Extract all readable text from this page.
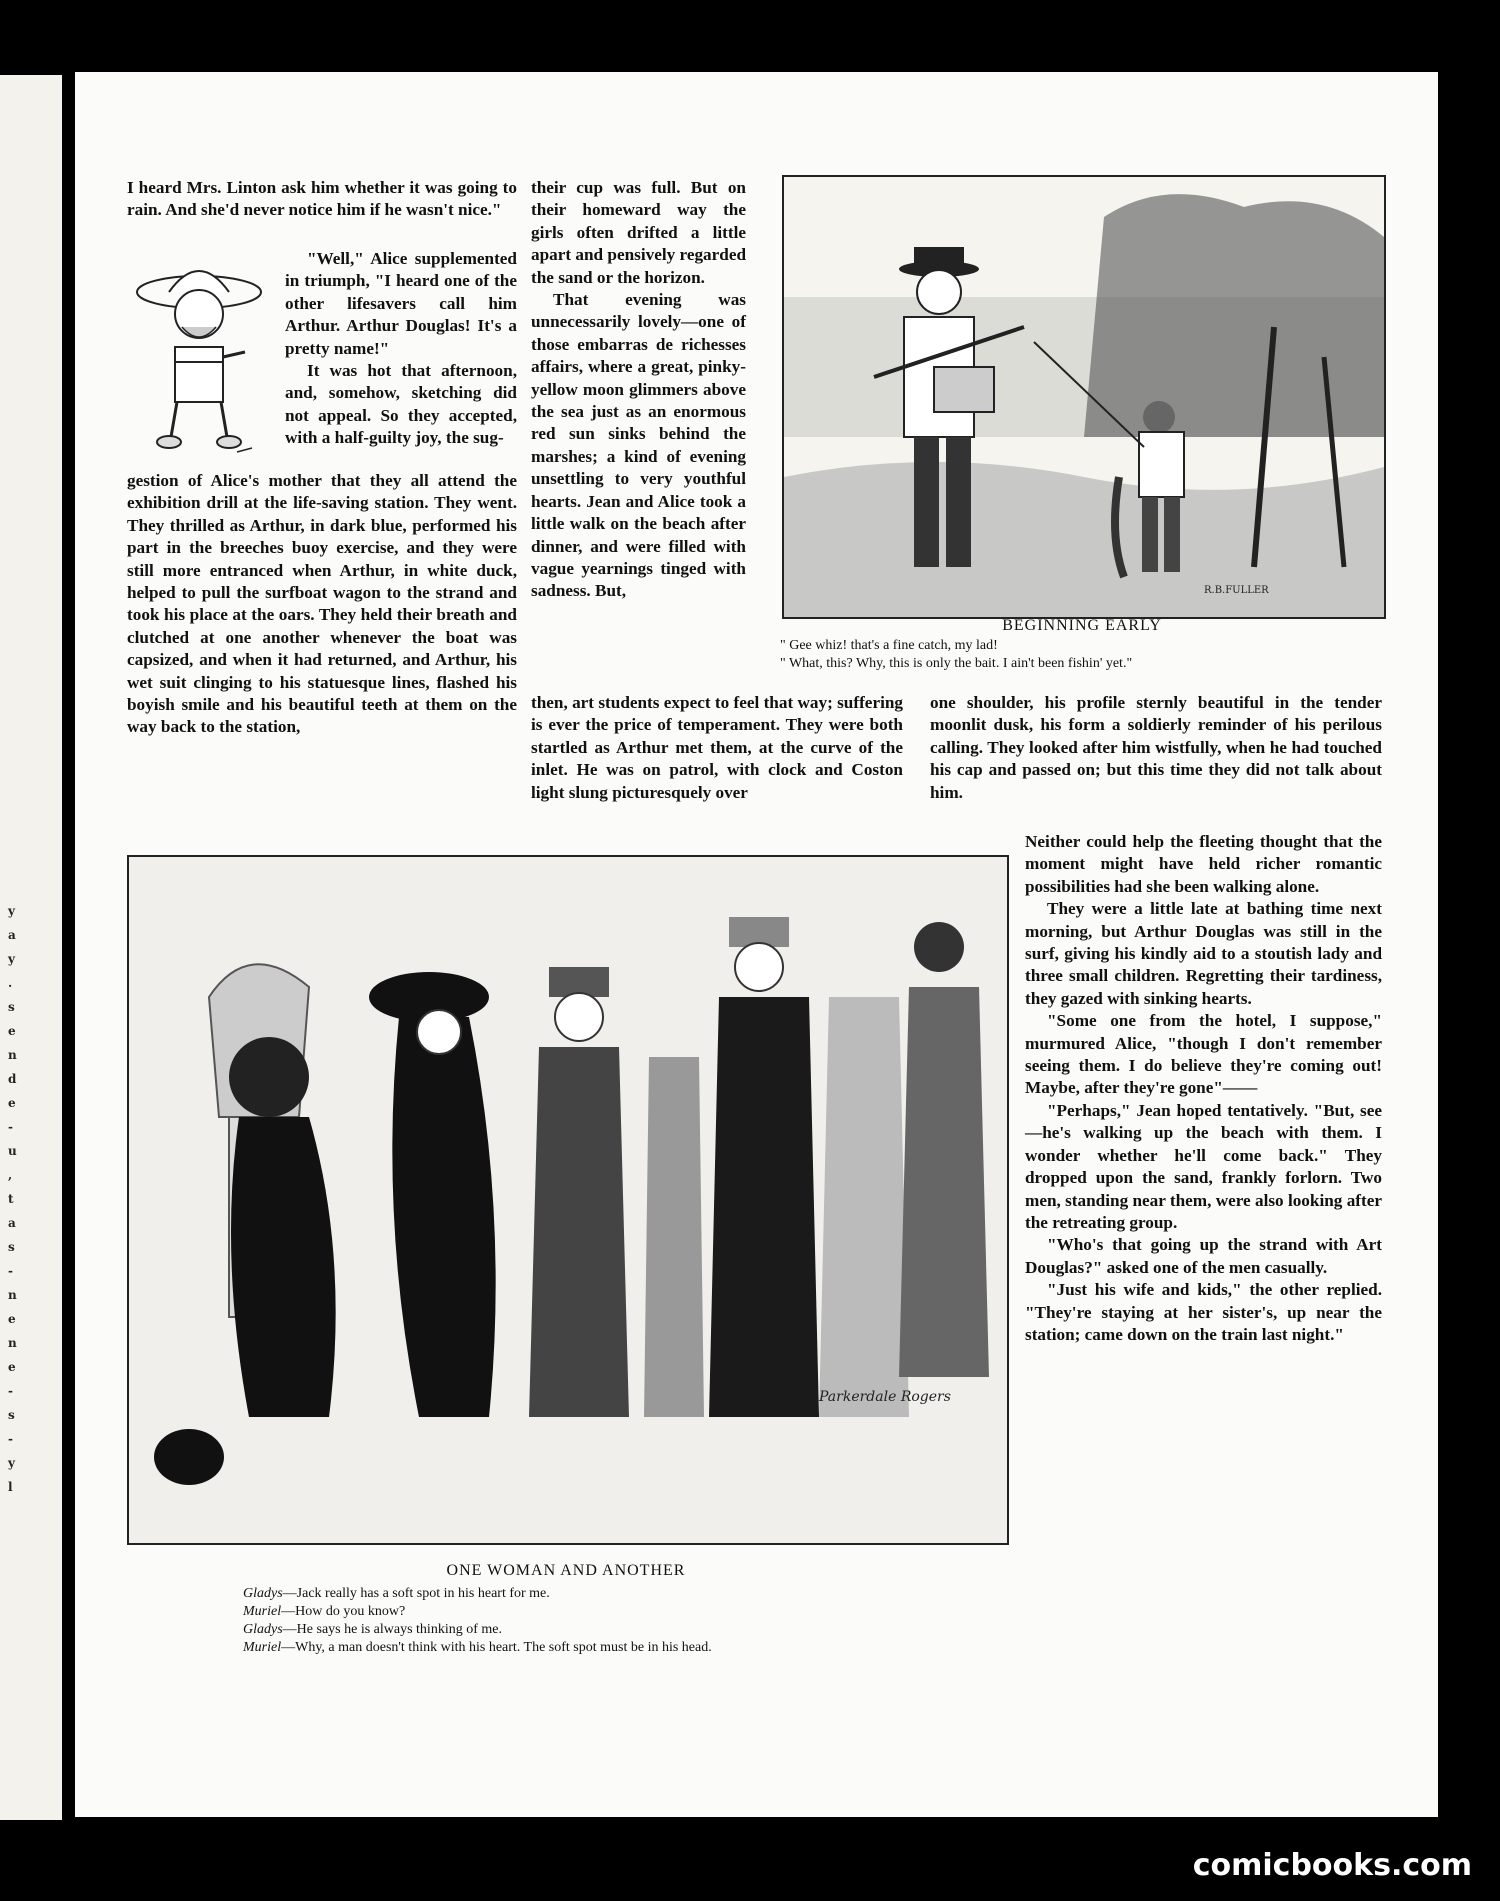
y
a
y
.
s
e
n
d
e
-
u
,
t
a
s
-
n
e
n
e
-
s
-
y
l

I heard Mrs. Linton ask him whether it was going to rain. And she'd never notice him if he wasn't nice."

"Well," Alice supplemented in triumph, "I heard one of the other lifesavers call him Arthur. Arthur Douglas! It's a pretty name!"

It was hot that afternoon, and, somehow, sketching did not appeal. So they accepted, with a half-guilty joy, the sug-

gestion of Alice's mother that they all attend the exhibition drill at the life-saving station. They went. They thrilled as Arthur, in dark blue, performed his part in the breeches buoy exercise, and they were still more entranced when Arthur, in white duck, helped to pull the surfboat wagon to the strand and took his place at the oars. They held their breath and clutched at one another whenever the boat was capsized, and when it had returned, and Arthur, his wet suit clinging to his statuesque lines, flashed his boyish smile and his beautiful teeth at them on the way back to the station,

their cup was full. But on their homeward way the girls often drifted a little apart and pensively regarded the sand or the horizon.

That evening was unnecessarily lovely—one of those embarras de richesses affairs, where a great, pinky-yellow moon glimmers above the sea just as an enormous red sun sinks behind the marshes; a kind of evening unsettling to very youthful hearts. Jean and Alice took a little walk on the beach after dinner, and were filled with vague yearnings tinged with sadness. But,

then, art students expect to feel that way; suffering is ever the price of temperament. They were both startled as Arthur met them, at the curve of the inlet. He was on patrol, with clock and Coston light slung picturesquely over

R.B.FULLER
BEGINNING EARLY
" Gee whiz! that's a fine catch, my lad!
" What, this? Why, this is only the bait. I ain't been fishin' yet."

one shoulder, his profile sternly beautiful in the tender moonlit dusk, his form a soldierly reminder of his perilous calling. They looked after him wistfully, when he had touched his cap and passed on; but this time they did not talk about him.

Parkerdale Rogers
ONE WOMAN AND ANOTHER
Gladys—Jack really has a soft spot in his heart for me.
Muriel—How do you know?
Gladys—He says he is always thinking of me.
Muriel—Why, a man doesn't think with his heart. The soft spot must be in his head.

Neither could help the fleeting thought that the moment might have held richer romantic possibilities had she been walking alone.

They were a little late at bathing time next morning, but Arthur Douglas was still in the surf, giving his kindly aid to a stoutish lady and three small children. Regretting their tardiness, they gazed with sinking hearts.

"Some one from the hotel, I suppose," murmured Alice, "though I don't remember seeing them. I do believe they're coming out! Maybe, after they're gone"——

"Perhaps," Jean hoped tentatively. "But, see—he's walking up the beach with them. I wonder whether he'll come back." They dropped upon the sand, frankly forlorn. Two men, standing near them, were also looking after the retreating group.

"Who's that going up the strand with Art Douglas?" asked one of the men casually.

"Just his wife and kids," the other replied. "They're staying at her sister's, up near the station; came down on the train last night."

comicbooks.com
